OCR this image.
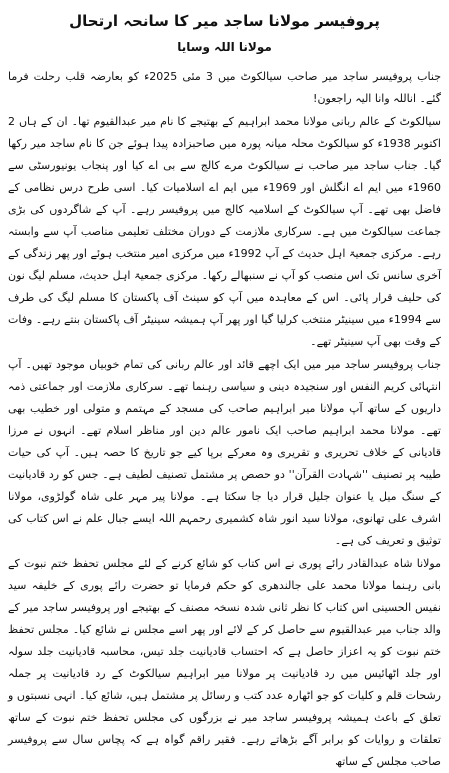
پروفیسر مولانا ساجد میر کا سانحہ ارتحال
مولانا اللہ وسایا

جناب پروفیسر ساجد میر صاحب سیالکوٹ میں 3 مئی 2025ء کو بعارضہ قلب رحلت فرما گئے۔ اناللہ وانا الیہ راجعون!

سیالکوٹ کے عالم ربانی مولانا محمد ابراہیم کے بھتیجے کا نام میر عبدالقیوم تھا۔ ان کے ہاں 2 اکتوبر 1938ء کو سیالکوٹ محلہ میانہ پورہ میں صاحبزادہ پیدا ہوئے جن کا نام ساجد میر رکھا گیا۔ جناب ساجد میر صاحب نے سیالکوٹ مرے کالج سے بی اے کیا اور پنجاب یونیورسٹی سے 1960ء میں ایم اے انگلش اور 1969ء میں ایم اے اسلامیات کیا۔ اسی طرح درس نظامی کے فاضل بھی تھے۔ آپ سیالکوٹ کے اسلامیہ کالج میں پروفیسر رہے۔ آپ کے شاگردوں کی بڑی جماعت سیالکوٹ میں ہے۔ سرکاری ملازمت کے دوران مختلف تعلیمی مناصب آپ سے وابستہ رہے۔ مرکزی جمعیۃ اہل حدیث کے آپ 1992ء میں مرکزی امیر منتخب ہوئے اور پھر زندگی کے آخری سانس تک اس منصب کو آپ نے سنبھالے رکھا۔ مرکزی جمعیۃ اہل حدیث، مسلم لیگ نون کی حلیف قرار پائی۔ اس کے معاہدہ میں آپ کو سینٹ آف پاکستان کا مسلم لیگ کی طرف سے 1994ء میں سینیٹر منتخب کرلیا گیا اور پھر آپ ہمیشہ سینیٹر آف پاکستان بنتے رہے۔ وفات کے وقت بھی آپ سینیٹر تھے۔

جناب پروفیسر ساجد میر میں ایک اچھے قائد اور عالم ربانی کی تمام خوبیاں موجود تھیں۔ آپ انتہائی کریم النفس اور سنجیدہ دینی و سیاسی رہنما تھے۔ سرکاری ملازمت اور جماعتی ذمہ داریوں کے ساتھ آپ مولانا میر ابراہیم صاحب کی مسجد کے مہتمم و متولی اور خطیب بھی تھے۔ مولانا محمد ابراہیم صاحب ایک نامور عالم دین اور مناظر اسلام تھے۔ انہوں نے مرزا قادیانی کے خلاف تحریری و تقریری وہ معرکے برپا کیے جو تاریخ کا حصہ ہیں۔ آپ کی حیات طیبہ پر تصنیف ''شہادت القرآن'' دو حصص پر مشتمل تصنیف لطیف ہے۔ جس کو رد قادیانیت کے سنگ میل یا عنوان جلیل قرار دیا جا سکتا ہے۔ مولانا پیر مہر علی شاہ گولڑوی، مولانا اشرف علی تھانوی، مولانا سید انور شاہ کشمیری رحمہم اللہ ایسے جبال علم نے اس کتاب کی توثیق و تعریف کی ہے۔

مولانا شاہ عبدالقادر رائے پوری نے اس کتاب کو شائع کرنے کے لئے مجلس تحفظ ختم نبوت کے بانی رہنما مولانا محمد علی جالندھری کو حکم فرمایا تو حضرت رائے پوری کے خلیفہ سید نفیس الحسینی اس کتاب کا نظر ثانی شدہ نسخہ مصنف کے بھتیجے اور پروفیسر ساجد میر کے والد جناب میر عبدالقیوم سے حاصل کر کے لائے اور پھر اسے مجلس نے شائع کیا۔ مجلس تحفظ ختم نبوت کو یہ اعزاز حاصل ہے کہ احتساب قادیانیت جلد تیس، محاسبہ قادیانیت جلد سولہ اور جلد اٹھائیس میں رد قادیانیت پر مولانا میر ابراہیم سیالکوٹ کے رد قادیانیت پر جملہ رشحات قلم و کلیات کو جو اٹھارہ عدد کتب و رسائل پر مشتمل ہیں، شائع کیا۔ انہی نسبتوں و تعلق کے باعث ہمیشہ پروفیسر ساجد میر نے بزرگوں کی مجلس تحفظ ختم نبوت کے ساتھ تعلقات و روایات کو برابر آگے بڑھاتے رہے۔ فقیر راقم گواہ ہے کہ پچاس سال سے پروفیسر صاحب مجلس کے ساتھ
